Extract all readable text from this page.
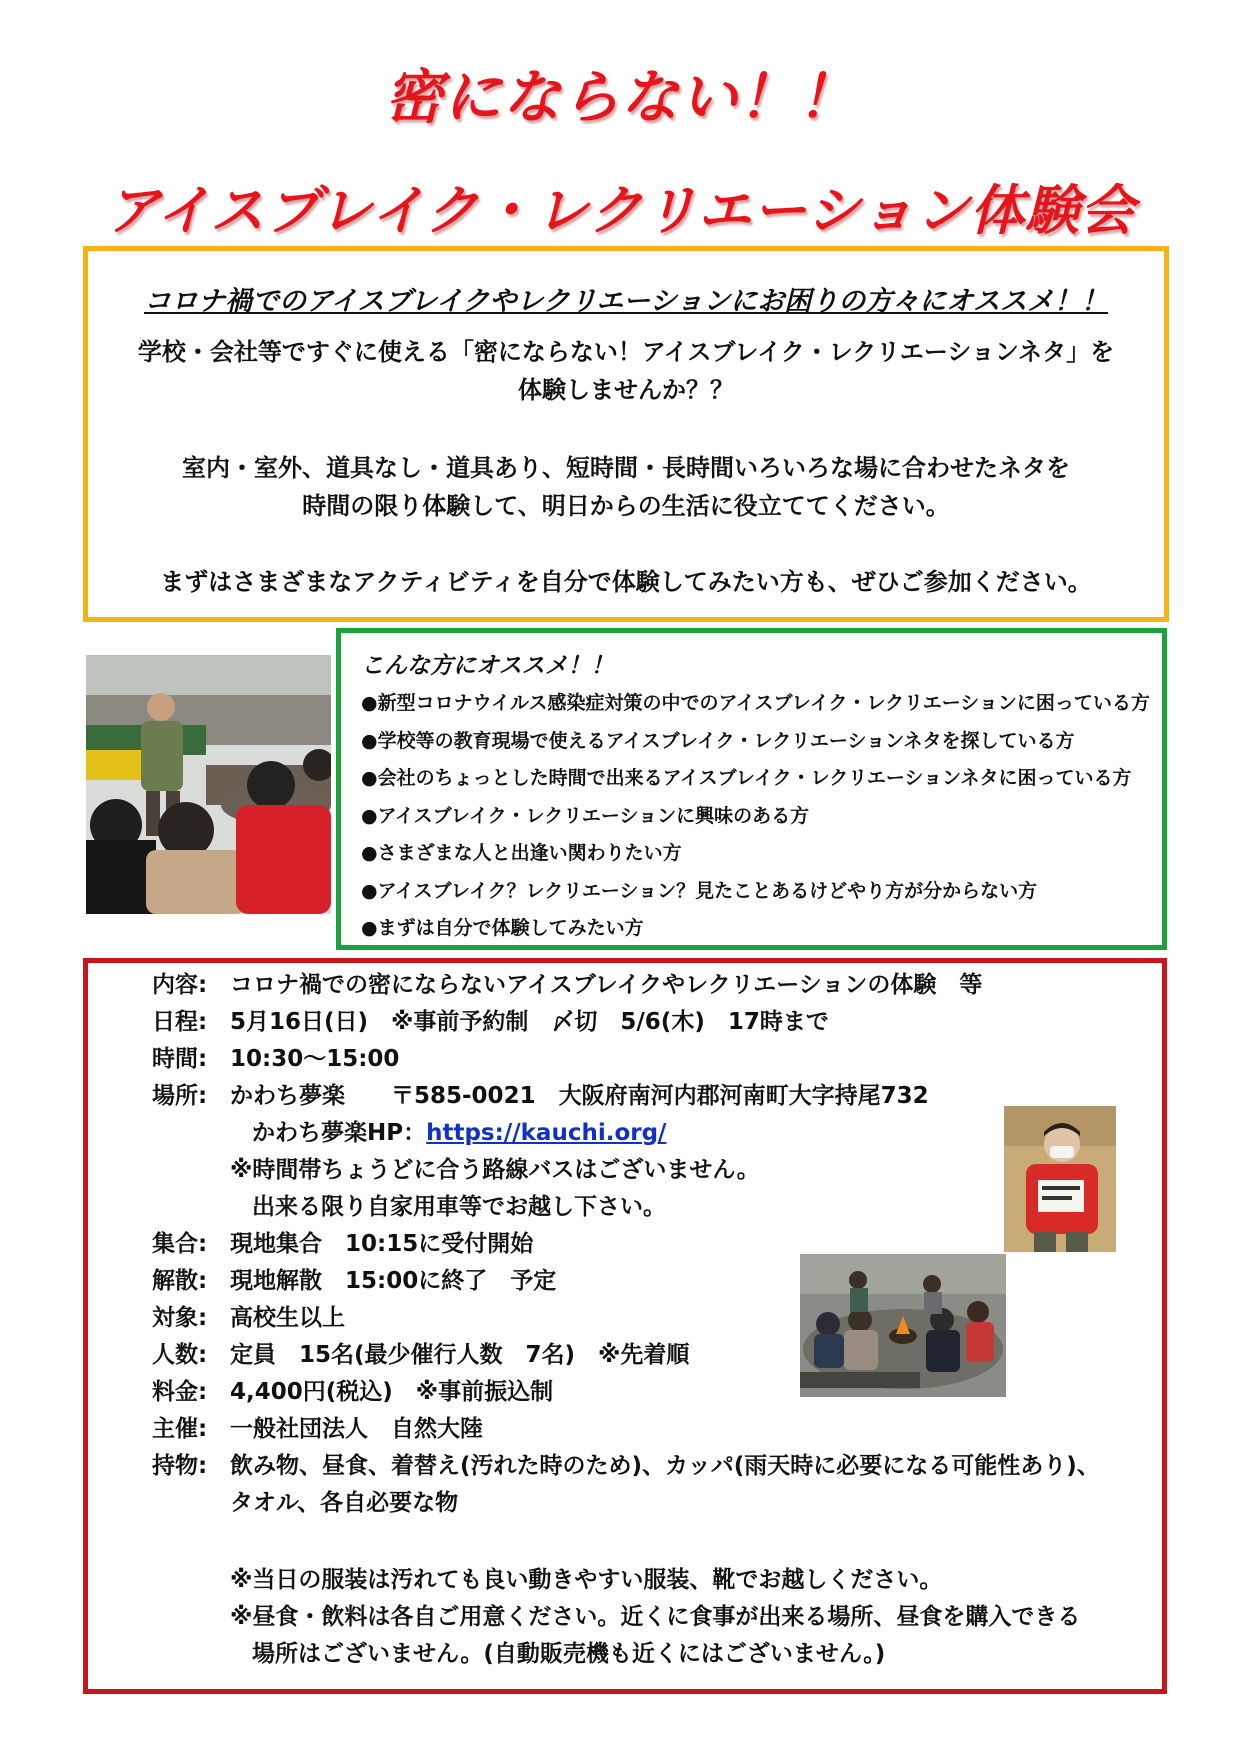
密にならない！！
アイスブレイク・レクリエーション体験会
コロナ禍でのアイスブレイクやレクリエーションにお困りの方々にオススメ！！
学校・会社等ですぐに使える「密にならない！アイスブレイク・レクリエーションネタ」を
体験しませんか？？
室内・室外、道具なし・道具あり、短時間・長時間いろいろな場に合わせたネタを
時間の限り体験して、明日からの生活に役立ててください。
まずはさまざまなアクティビティを自分で体験してみたい方も、ぜひご参加ください。
こんな方にオススメ！！
●新型コロナウイルス感染症対策の中でのアイスブレイク・レクリエーションに困っている方
●学校等の教育現場で使えるアイスブレイク・レクリエーションネタを探している方
●会社のちょっとした時間で出来るアイスブレイク・レクリエーションネタに困っている方
●アイスブレイク・レクリエーションに興味のある方
●さまざまな人と出逢い関わりたい方
●アイスブレイク？レクリエーション？見たことあるけどやり方が分からない方
●まずは自分で体験してみたい方
内容: コロナ禍での密にならないアイスブレイクやレクリエーションの体験　等
日程: 5月16日(日)　※事前予約制　〆切　5/6(木)　17時まで
時間: 10:30〜15:00
場所: かわち夢楽　　〒585-0021　大阪府南河内郡河南町大字持尾732
かわち夢楽HP：https://kauchi.org/
※時間帯ちょうどに合う路線バスはございません。
出来る限り自家用車等でお越し下さい。
集合: 現地集合　10:15に受付開始
解散: 現地解散　15:00に終了　予定
対象: 高校生以上
人数: 定員　15名(最少催行人数　7名)　※先着順
料金: 4,400円(税込)　※事前振込制
主催: 一般社団法人　自然大陸
持物: 飲み物、昼食、着替え(汚れた時のため)、カッパ(雨天時に必要になる可能性あり)、
タオル、各自必要な物
※当日の服装は汚れても良い動きやすい服装、靴でお越しください。
※昼食・飲料は各自ご用意ください。近くに食事が出来る場所、昼食を購入できる
場所はございません。(自動販売機も近くにはございません。)
